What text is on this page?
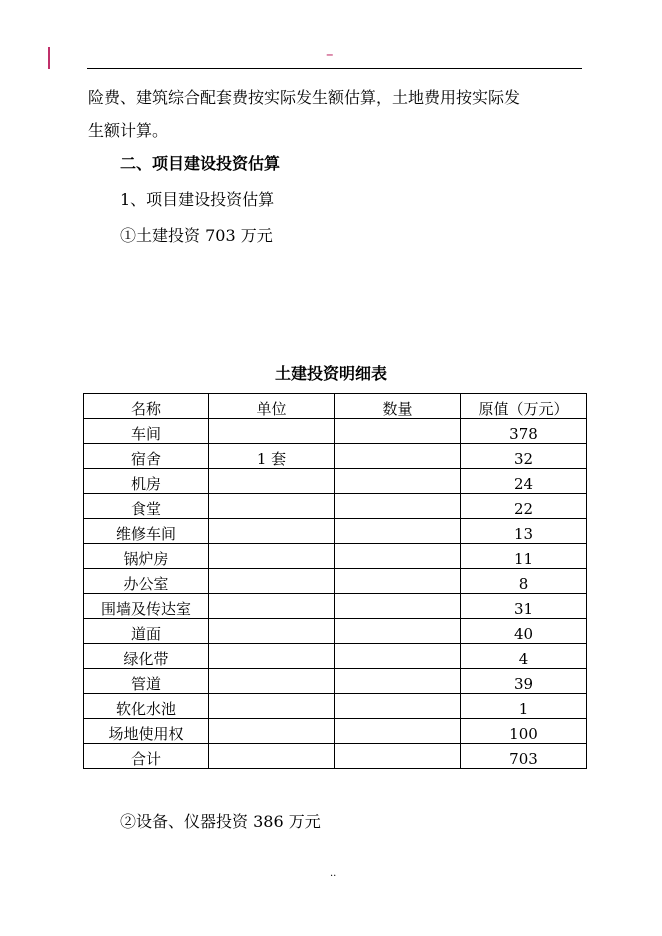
–
险费、建筑综合配套费按实际发生额估算，土地费用按实际发
生额计算。
二、项目建设投资估算
1、项目建设投资估算
①土建投资 703 万元
土建投资明细表
名称	单位	数量	原值（万元）
车间			378
宿舍	1 套		32
机房			24
食堂			22
维修车间			13
锅炉房			11
办公室			8
围墙及传达室			31
道面			40
绿化带			4
管道			39
软化水池			1
场地使用权			100
合计			703
②设备、仪器投资 386 万元
..
